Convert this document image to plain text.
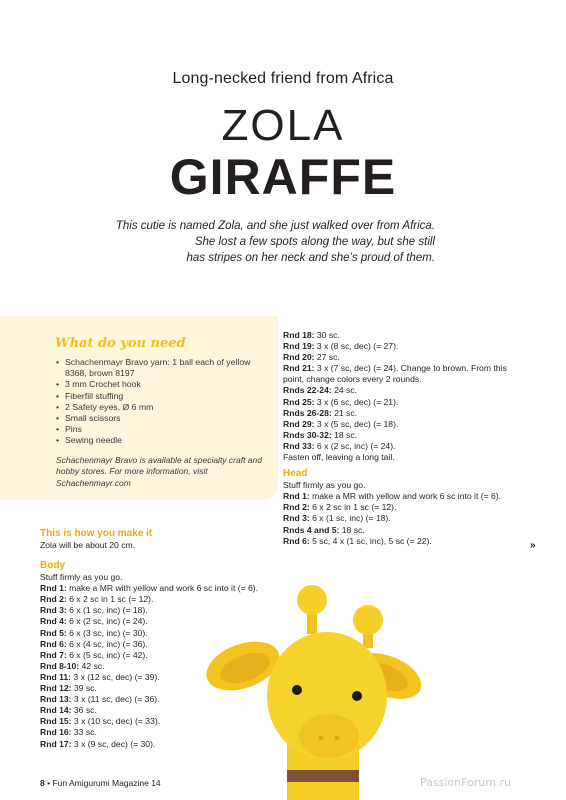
Long-necked friend from Africa
ZOLA
GIRAFFE
This cutie is named Zola, and she just walked over from Africa.
She lost a few spots along the way, but she still
has stripes on her neck and she’s proud of them.
What do you need
• Schachenmayr Bravo yarn: 1 ball each of yellow 8368, brown 8197
• 3 mm Crochet hook
• Fiberfill stuffing
• 2 Safety eyes, Ø 6 mm
• Small scissors
• Pins
• Sewing needle
Schachenmayr Bravo is available at specialty craft and hobby stores. For more information, visit Schachenmayr.com
Rnd 18: 30 sc.
Rnd 19: 3 x (8 sc, dec) (= 27).
Rnd 20: 27 sc.
Rnd 21: 3 x (7 sc, dec) (= 24). Change to brown. From this point, change colors every 2 rounds.
Rnds 22-24: 24 sc.
Rnd 25: 3 x (6 sc, dec) (= 21).
Rnds 26-28: 21 sc.
Rnd 29: 3 x (5 sc, dec) (= 18).
Rnds 30-32: 18 sc.
Rnd 33: 6 x (2 sc, inc) (= 24).
Fasten off, leaving a long tail.
Head
Stuff firmly as you go.
Rnd 1: make a MR with yellow and work 6 sc into it (= 6).
Rnd 2: 6 x 2 sc in 1 sc (= 12).
Rnd 3: 6 x (1 sc, inc) (= 18).
Rnds 4 and 5: 18 sc.
Rnd 6: 5 sc, 4 x (1 sc, inc), 5 sc (= 22).	»
This is how you make it
Zola will be about 20 cm.
Body
Stuff firmly as you go.
Rnd 1: make a MR with yellow and work 6 sc into it (= 6).
Rnd 2: 6 x 2 sc in 1 sc (= 12).
Rnd 3: 6 x (1 sc, inc) (= 18).
Rnd 4: 6 x (2 sc, inc) (= 24).
Rnd 5: 6 x (3 sc, inc) (= 30).
Rnd 6: 6 x (4 sc, inc) (= 36).
Rnd 7: 6 x (5 sc, inc) (= 42).
Rnd 8-10: 42 sc.
Rnd 11: 3 x (12 sc, dec) (= 39).
Rnd 12: 39 sc.
Rnd 13: 3 x (11 sc, dec) (= 36).
Rnd 14: 36 sc.
Rnd 15: 3 x (10 sc, dec) (= 33).
Rnd 16: 33 sc.
Rnd 17: 3 x (9 sc, dec) (= 30).
8 • Fun Amigurumi Magazine 14	PassionForum.ru
